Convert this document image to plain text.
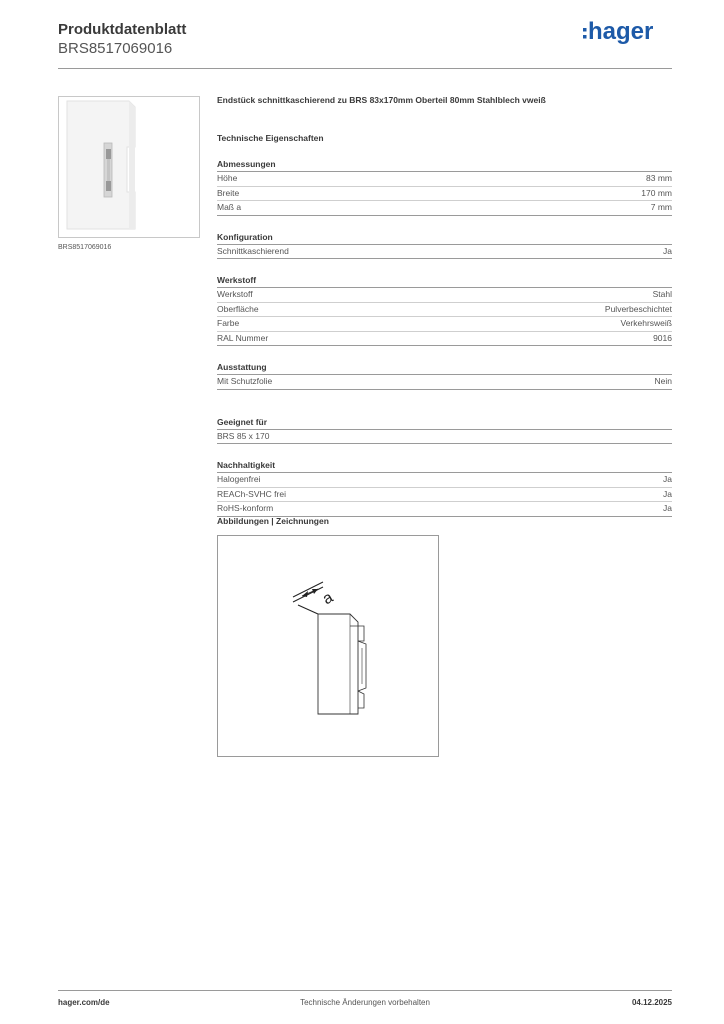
Produktdatenblatt
BRS8517069016
hager
BRS8517069016
Endstück schnittkaschierend zu BRS 83x170mm Oberteil 80mm Stahlblech vweiß
Technische Eigenschaften
Abmessungen
Höhe	83 mm
Breite	170 mm
Maß a	7 mm
Konfiguration
Schnittkaschierend	Ja
Werkstoff
Werkstoff	Stahl
Oberfläche	Pulverbeschichtet
Farbe	Verkehrsweiß
RAL Nummer	9016
Ausstattung
Mit Schutzfolie	Nein
Geeignet für
BRS 85 x 170
Nachhaltigkeit
Halogenfrei	Ja
REACh-SVHC frei	Ja
RoHS-konform	Ja
Abbildungen | Zeichnungen
a
hager.com/de	Technische Änderungen vorbehalten	04.12.2025
